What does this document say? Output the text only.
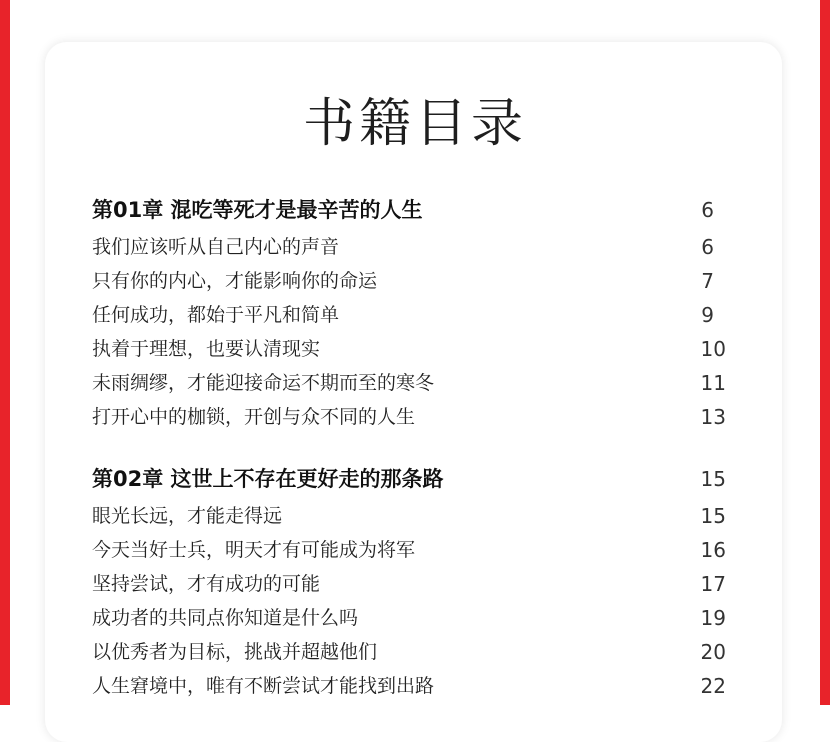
书籍目录
第01章 混吃等死才是最辛苦的人生	6
我们应该听从自己内心的声音	6
只有你的内心，才能影响你的命运	7
任何成功，都始于平凡和简单	9
执着于理想，也要认清现实	10
未雨绸缪，才能迎接命运不期而至的寒冬	11
打开心中的枷锁，开创与众不同的人生	13
第02章 这世上不存在更好走的那条路	15
眼光长远，才能走得远	15
今天当好士兵，明天才有可能成为将军	16
坚持尝试，才有成功的可能	17
成功者的共同点你知道是什么吗	19
以优秀者为目标，挑战并超越他们	20
人生窘境中，唯有不断尝试才能找到出路	22
